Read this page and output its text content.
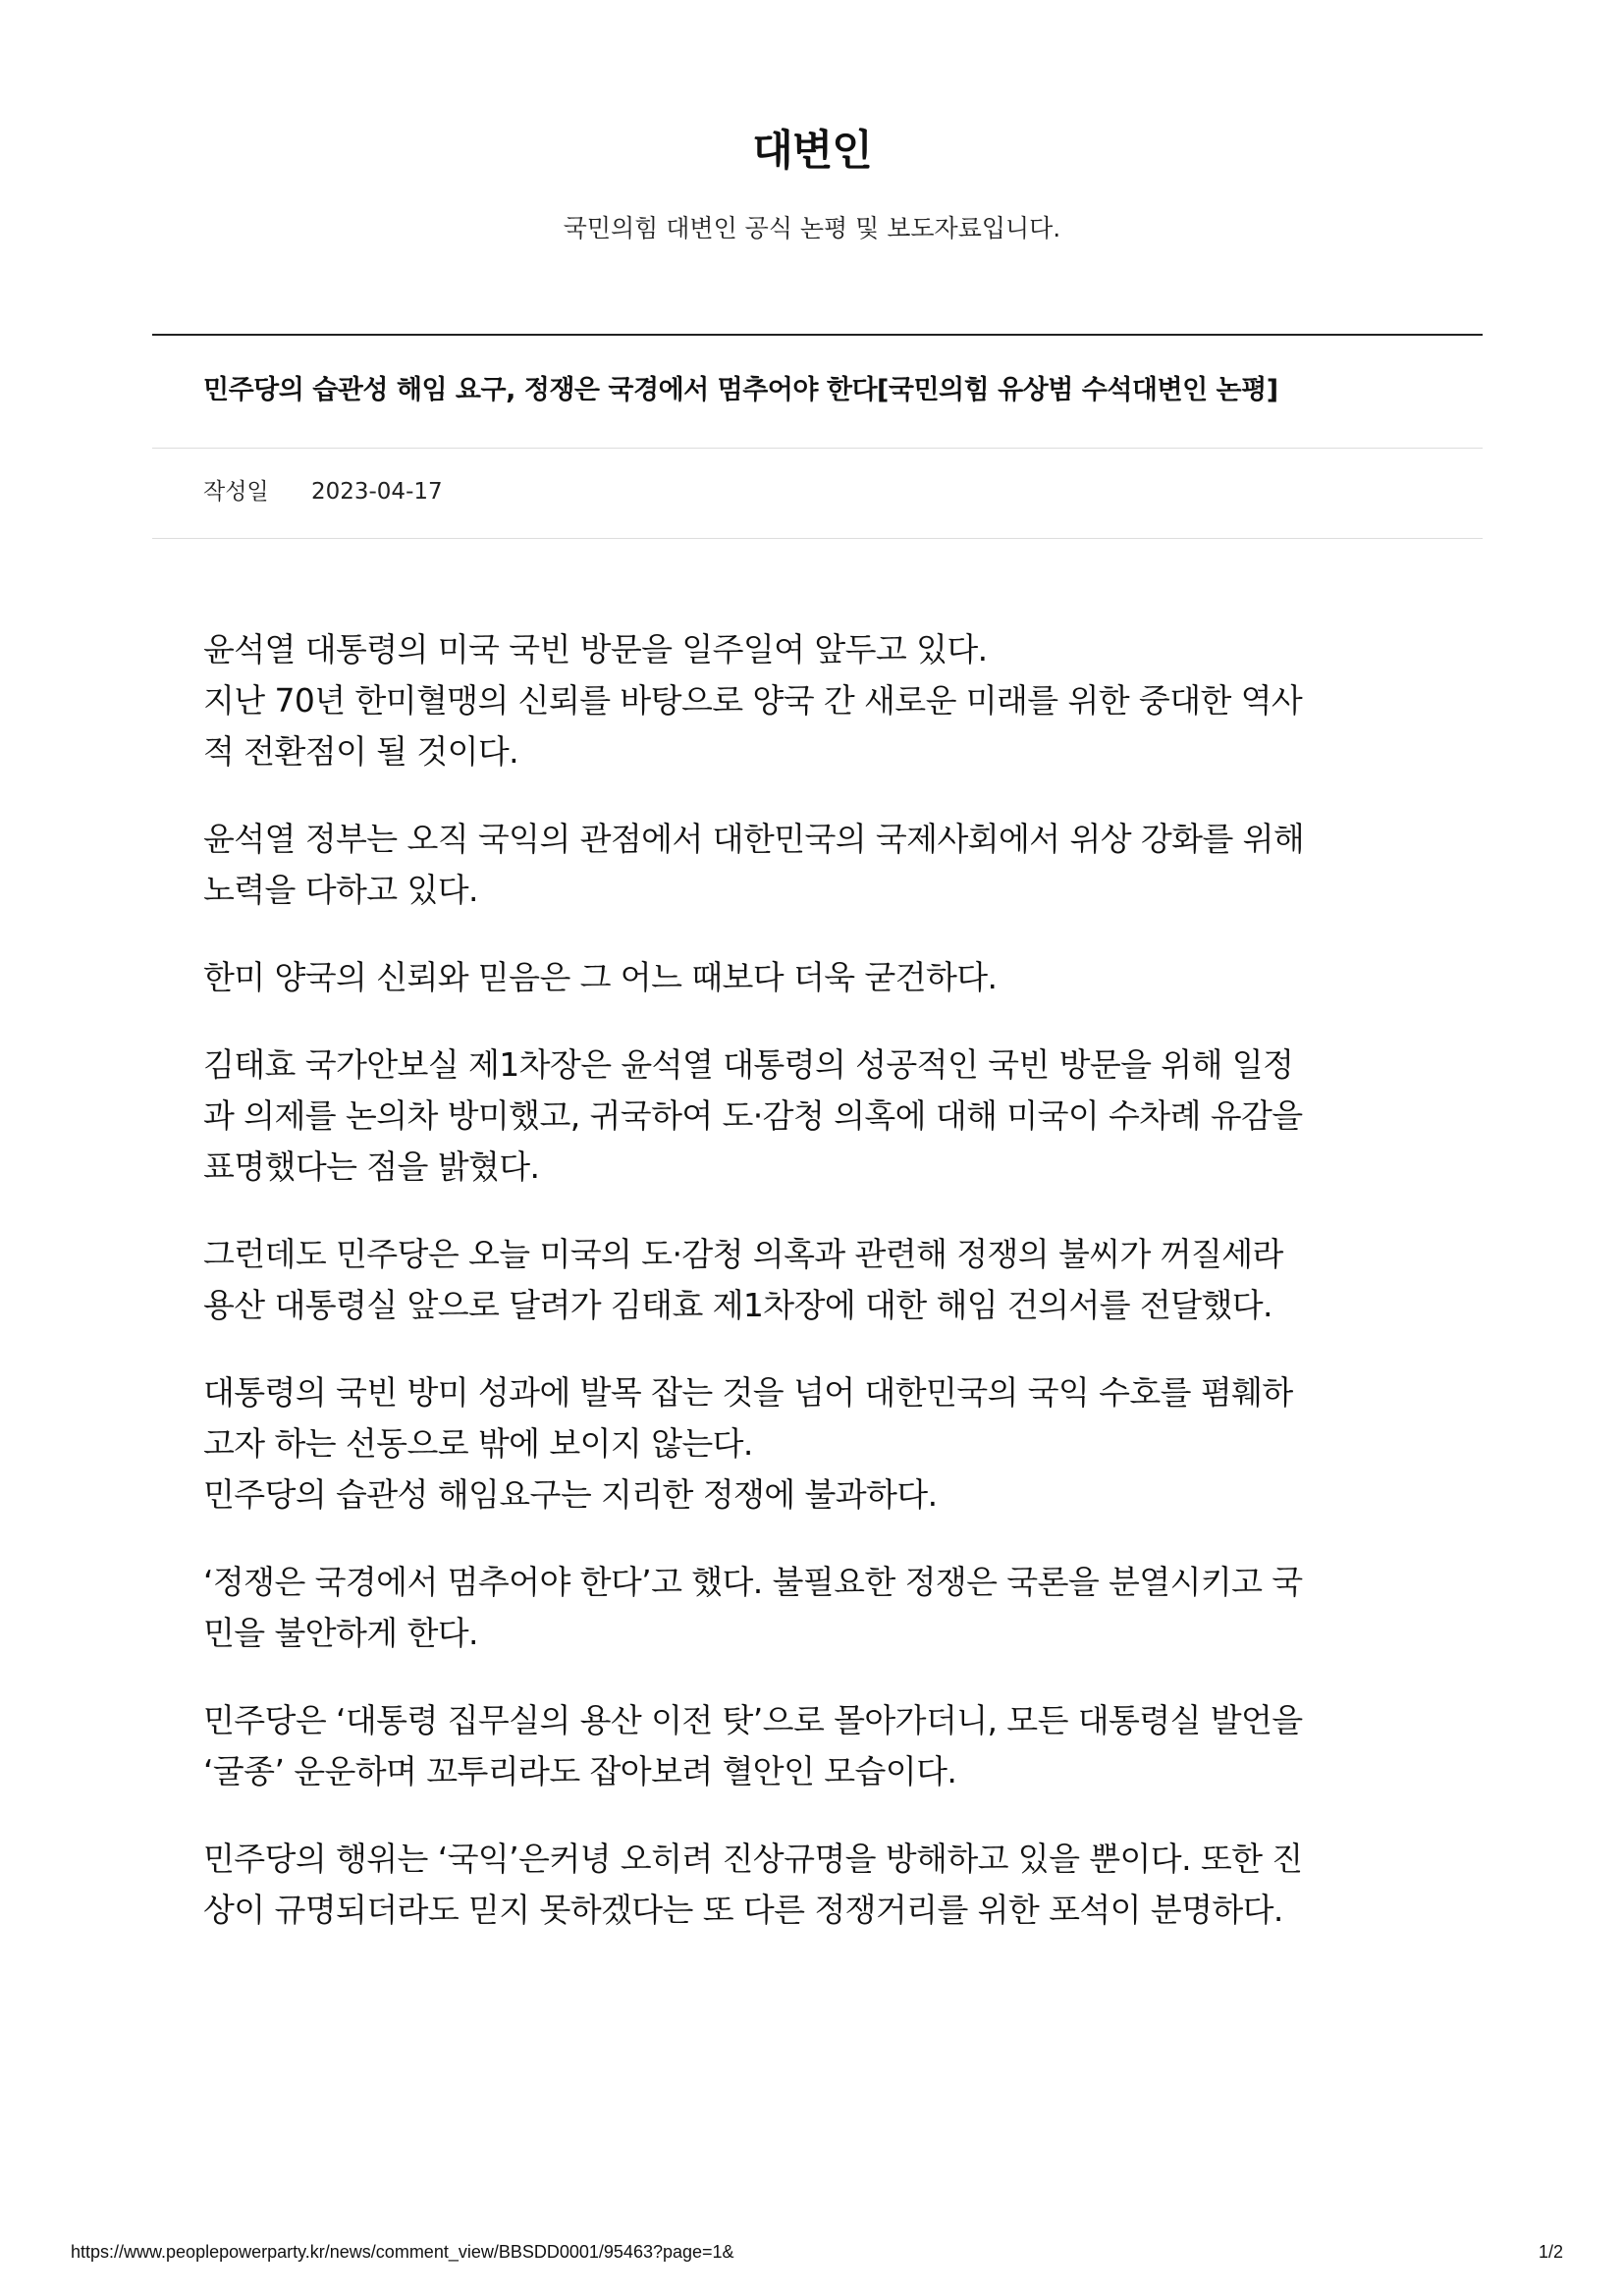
대변인
국민의힘 대변인 공식 논평 및 보도자료입니다.
민주당의 습관성 해임 요구, 정쟁은 국경에서 멈추어야 한다[국민의힘 유상범 수석대변인 논평]
작성일 2023-04-17

윤석열 대통령의 미국 국빈 방문을 일주일여 앞두고 있다.
지난 70년 한미혈맹의 신뢰를 바탕으로 양국 간 새로운 미래를 위한 중대한 역사
적 전환점이 될 것이다.

윤석열 정부는 오직 국익의 관점에서 대한민국의 국제사회에서 위상 강화를 위해
노력을 다하고 있다.

한미 양국의 신뢰와 믿음은 그 어느 때보다 더욱 굳건하다.

김태효 국가안보실 제1차장은 윤석열 대통령의 성공적인 국빈 방문을 위해 일정
과 의제를 논의차 방미했고, 귀국하여 도·감청 의혹에 대해 미국이 수차례 유감을
표명했다는 점을 밝혔다.

그런데도 민주당은 오늘 미국의 도·감청 의혹과 관련해 정쟁의 불씨가 꺼질세라
용산 대통령실 앞으로 달려가 김태효 제1차장에 대한 해임 건의서를 전달했다.

대통령의 국빈 방미 성과에 발목 잡는 것을 넘어 대한민국의 국익 수호를 폄훼하
고자 하는 선동으로 밖에 보이지 않는다.
민주당의 습관성 해임요구는 지리한 정쟁에 불과하다.

‘정쟁은 국경에서 멈추어야 한다’고 했다. 불필요한 정쟁은 국론을 분열시키고 국
민을 불안하게 한다.

민주당은 ‘대통령 집무실의 용산 이전 탓’으로 몰아가더니, 모든 대통령실 발언을
‘굴종’ 운운하며 꼬투리라도 잡아보려 혈안인 모습이다.

민주당의 행위는 ‘국익’은커녕 오히려 진상규명을 방해하고 있을 뿐이다. 또한 진
상이 규명되더라도 믿지 못하겠다는 또 다른 정쟁거리를 위한 포석이 분명하다.

https://www.peoplepowerparty.kr/news/comment_view/BBSDD0001/95463?page=1&	1/2
